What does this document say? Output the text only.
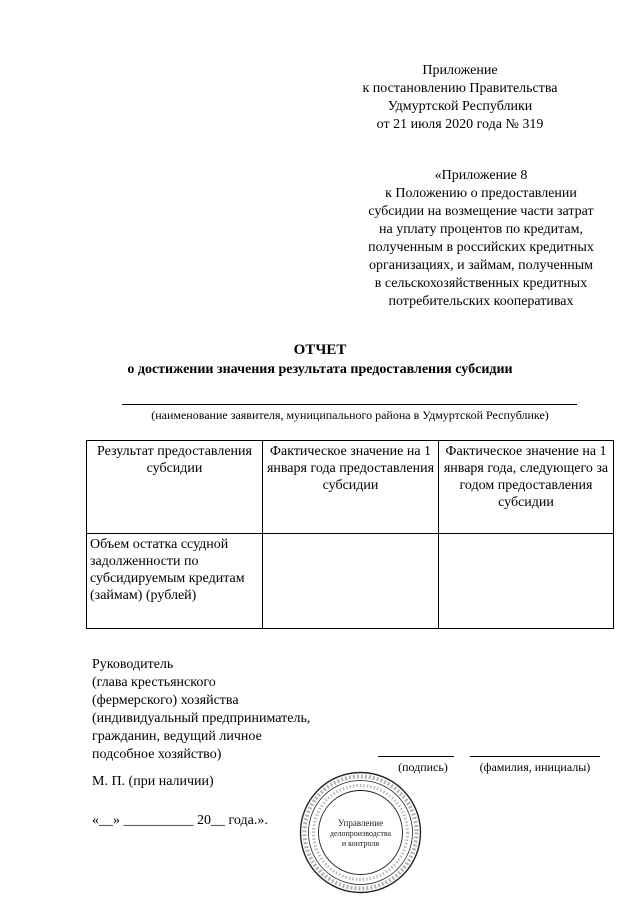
Приложение
к постановлению Правительства
Удмуртской Республики
от 21 июля 2020 года № 319
«Приложение 8
к Положению о предоставлении
субсидии на возмещение части затрат
на уплату процентов по кредитам,
полученным в российских кредитных
организациях, и займам, полученным
в сельскохозяйственных кредитных
потребительских кооперативах
ОТЧЕТ
о достижении значения результата предоставления субсидии
(наименование заявителя, муниципального района в Удмуртской Республике)
Результат предоставления субсидии	Фактическое значение на 1 января года предоставления субсидии	Фактическое значение на 1 января года, следующего за годом предоставления субсидии
Объем остатка ссудной задолженности по субсидируемым кредитам (займам) (рублей)		
Руководитель
(глава крестьянского
(фермерского) хозяйства
(индивидуальный предприниматель,
гражданин, ведущий личное
подсобное хозяйство)
(подпись)	(фамилия, инициалы)
М. П. (при наличии)
«__» __________ 20__ года.».	Управление
делопроизводства
и контроля
